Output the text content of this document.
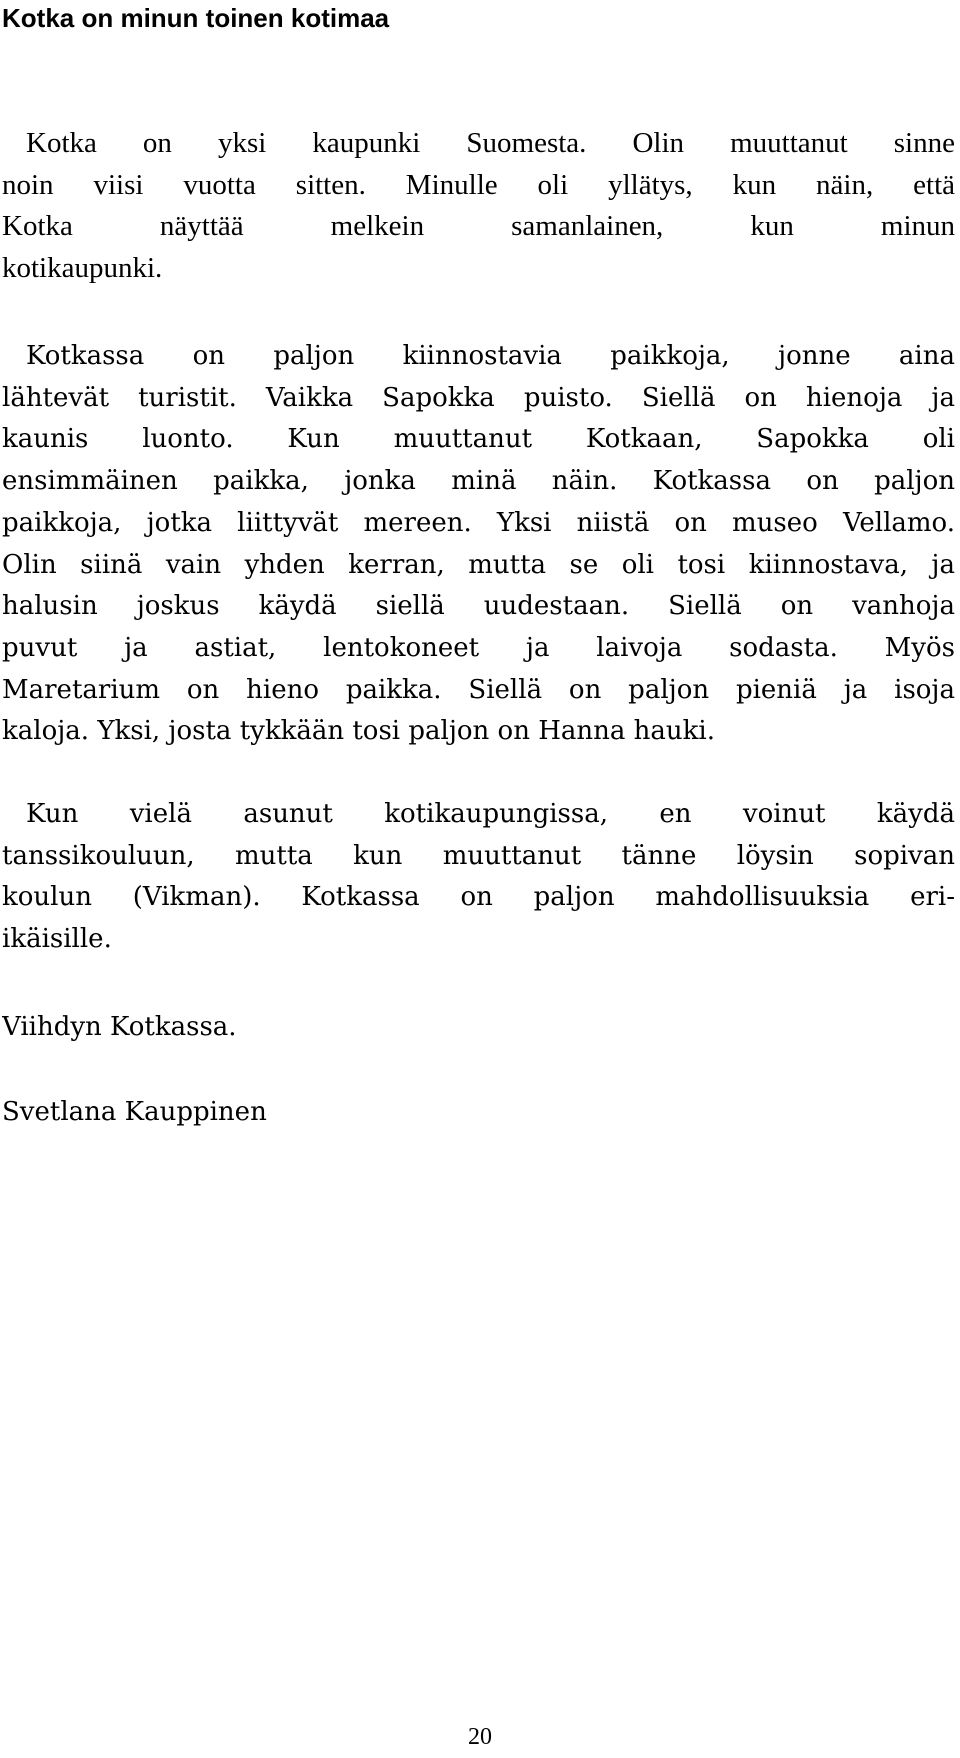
Kotka on minun toinen kotimaa
Kotka on yksi kaupunki Suomesta. Olin muuttanut sinne
noin viisi vuotta sitten. Minulle oli yllätys, kun näin, että
Kotka näyttää melkein samanlainen, kun minun
kotikaupunki.
Kotkassa on paljon kiinnostavia paikkoja, jonne aina
lähtevät turistit. Vaikka Sapokka puisto. Siellä on hienoja ja
kaunis luonto. Kun muuttanut Kotkaan, Sapokka oli
ensimmäinen paikka, jonka minä näin. Kotkassa on paljon
paikkoja, jotka liittyvät mereen. Yksi niistä on museo Vellamo.
Olin siinä vain yhden kerran, mutta se oli tosi kiinnostava, ja
halusin joskus käydä siellä uudestaan. Siellä on vanhoja
puvut ja astiat, lentokoneet ja laivoja sodasta. Myös
Maretarium on hieno paikka. Siellä on paljon pieniä ja isoja
kaloja. Yksi, josta tykkään tosi paljon on Hanna hauki.
Kun vielä asunut kotikaupungissa, en voinut käydä
tanssikouluun, mutta kun muuttanut tänne löysin sopivan
koulun (Vikman). Kotkassa on paljon mahdollisuuksia eri-
ikäisille.
Viihdyn Kotkassa.
Svetlana Kauppinen
20
